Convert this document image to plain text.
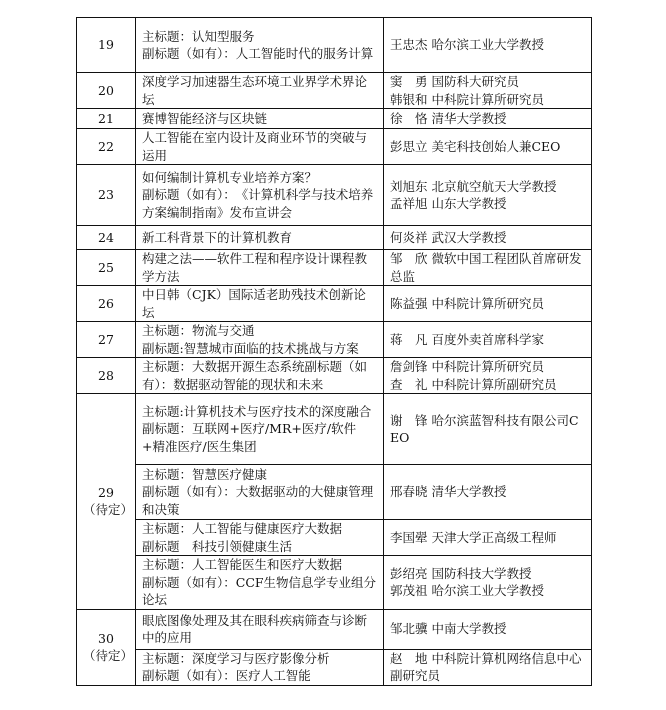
19	主标题：认知型服务
副标题（如有）：人工智能时代的服务计算	王忠杰 哈尔滨工业大学教授

20	深度学习加速器生态环境工业界学术界论坛	窦　勇 国防科大研究员
韩银和 中科院计算所研究员

21	赛博智能经济与区块链	徐　恪 清华大学教授

22	人工智能在室内设计及商业环节的突破与运用	彭思立 美宅科技创始人兼CEO

23	如何编制计算机专业培养方案？
副标题（如有）：　《计算机科学与技术培养方案编制指南》发布宣讲会	刘旭东 北京航空航天大学教授
孟祥旭 山东大学教授

24	新工科背景下的计算机教育	何炎祥 武汉大学教授

25	构建之法——软件工程和程序设计课程教学方法	邹　欣 微软中国工程团队首席研发总监

26	中日韩（CJK）国际适老助残技术创新论坛	陈益强 中科院计算所研究员

27	主标题：物流与交通
副标题:智慧城市面临的技术挑战与方案	蒋　凡 百度外卖首席科学家

28	主标题：大数据开源生态系统副标题（如有）：数据驱动智能的现状和未来	詹剑锋 中科院计算所研究员
查　礼 中科院计算所副研究员

29
（待定）	主标题:计算机技术与医疗技术的深度融合
副标题：互联网+医疗/MR+医疗/软件+精准医疗/医生集团	谢　锋 哈尔滨蓝智科技有限公司CEO

	主标题：智慧医疗健康
副标题（如有）：大数据驱动的大健康管理和决策	邢春晓 清华大学教授

	主标题：人工智能与健康医疗大数据
副标题　科技引领健康生活	李国翚 天津大学正高级工程师

	主标题：人工智能医生和医疗大数据
副标题（如有）：CCF生物信息学专业组分论坛	彭绍亮 国防科技大学教授
郭茂祖 哈尔滨工业大学教授

30
（待定）	眼底图像处理及其在眼科疾病筛查与诊断中的应用	邹北骥 中南大学教授

	主标题：深度学习与医疗影像分析
副标题（如有）：医疗人工智能	赵　地 中科院计算机网络信息中心副研究员
